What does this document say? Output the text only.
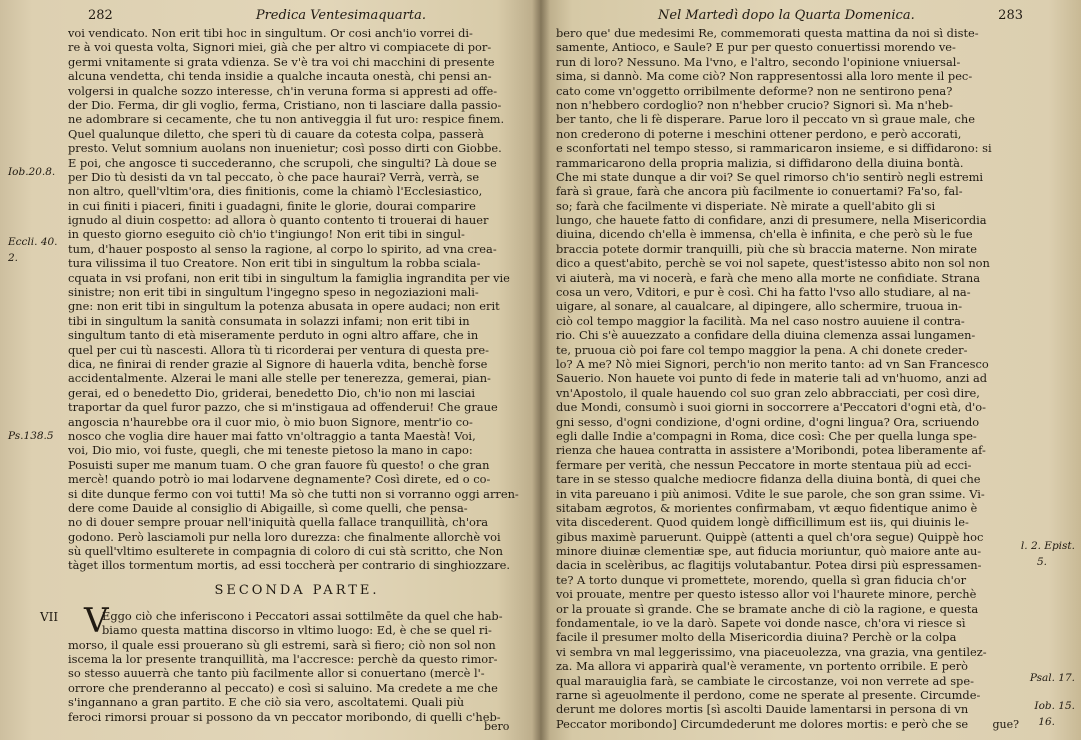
282	Predica Ventesimaquarta.
voi vendicato. Non erit tibi hoc in singultum. Or cosi anch'io vorrei di-
re à voi questa volta, Signori miei, già che per altro vi compiacete di por-
germi vnitamente si grata vdienza. Se v'è tra voi chi macchini di presente
alcuna vendetta, chi tenda insidie a qualche incauta onestà, chi pensi an-
volgersi in qualche sozzo interesse, ch'in veruna forma si appresti ad offe-
der Dio. Ferma, dir gli voglio, ferma, Cristiano, non ti lasciare dalla passio-
ne adombrare si cecamente, che tu non antiveggia il fut uro: respice finem.
Quel qualunque diletto, che speri tù di cauare da cotesta colpa, passerà
presto. Velut somnium auolans non inuenietur; così posso dirti con Giobbe.
E poi, che angosce ti succederanno, che scrupoli, che singulti? Là doue se
per Dio tù desisti da vn tal peccato, ò che pace haurai? Verrà, verrà, se
non altro, quell'vltim'ora, dies finitionis, come la chiamò l'Ecclesiastico,
in cui finiti i piaceri, finiti i guadagni, finite le glorie, dourai comparire
ignudo al diuin cospetto: ad allora ò quanto contento ti trouerai di hauer
in questo giorno eseguito ciò ch'io t'ingiungo! Non erit tibi in singul-
tum, d'hauer posposto al senso la ragione, al corpo lo spirito, ad vna crea-
tura vilissima il tuo Creatore. Non erit tibi in singultum la robba sciala-
cquata in vsi profani, non erit tibi in singultum la famiglia ingrandita per vie
sinistre; non erit tibi in singultum l'ingegno speso in negoziazioni mali-
gne: non erit tibi in singultum la potenza abusata in opere audaci; non erit
tibi in singultum la sanità consumata in solazzi infami; non erit tibi in
singultum tanto di età miseramente perduto in ogni altro affare, che in
quel per cui tù nascesti. Allora tù ti ricorderai per ventura di questa pre-
dica, ne finirai di render grazie al Signore di hauerla vdita, benchè forse
accidentalmente. Alzerai le mani alle stelle per tenerezza, gemerai, pian-
gerai, ed o benedetto Dio, griderai, benedetto Dio, ch'io non mi lasciai
traportar da quel furor pazzo, che si m'instigaua ad offenderui! Che graue
angoscia n'haurebbe ora il cuor mio, ò mio buon Signore, mentr'io co-
nosco che voglia dire hauer mai fatto vn'oltraggio a tanta Maestà! Voi,
voi, Dio mio, voi fuste, quegli, che mi teneste pietoso la mano in capo:
Posuisti super me manum tuam. O che gran fauore fù questo! o che gran
mercè! quando potrò io mai lodarvene degnamente? Così direte, ed o co-
si dite dunque fermo con voi tutti! Ma sò che tutti non si vorranno oggi arren-
dere come Dauide al consiglio di Abigaille, sì come quelli, che pensa-
no di douer sempre prouar nell'iniquità quella fallace tranquillità, ch'ora
godono. Però lasciamoli pur nella loro durezza: che finalmente allorchè voi
sù quell'vltimo esulterete in compagnia di coloro di cui stà scritto, che Non
tàget illos tormentum mortis, ad essi toccherà per contrario di singhiozzare.
SECONDA PARTE.
Eggo ciò che inferiscono i Peccatori assai sottilmēte da quel che hab-
biamo questa mattina discorso in vltimo luogo: Ed, è che se quel ri-
morso, il quale essi prouerano sù gli estremi, sarà sì fiero; ciò non sol non
iscema la lor presente tranquillità, ma l'accresce: perchè da questo rimor-
so stesso auuerrà che tanto più facilmente allor si conuertano (mercè l'-
orrore che prenderanno al peccato) e così si saluino. Ma credete a me che
s'ingannano a gran partito. E che ciò sia vero, ascoltatemi. Quali più
feroci rimorsi prouar si possono da vn peccator moribondo, di quelli c'heb-
Iob.20.8.
Eccli. 40.
2.
Ps.138.5
VII V
bero
Nel Martedì dopo la Quarta Domenica.	283
bero que' due medesimi Re, commemorati questa mattina da noi sì diste-
samente, Antioco, e Saule? E pur per questo conuertissi morendo ve-
run di loro? Nessuno. Ma l'vno, e l'altro, secondo l'opinione vniuersal-
sima, si dannò. Ma come ciò? Non rappresentossi alla loro mente il pec-
cato come vn'oggetto orribilmente deforme? non ne sentirono pena?
non n'hebbero cordoglio? non n'hebber crucio? Signori sì. Ma n'heb-
ber tanto, che li fè disperare. Parue loro il peccato vn sì graue male, che
non crederono di poterne i meschini ottener perdono, e però accorati,
e sconfortati nel tempo stesso, si rammaricaron insieme, e si diffidarono: si
rammaricarono della propria malizia, si diffidarono della diuina bontà.
Che mi state dunque a dir voi? Se quel rimorso ch'io sentirò negli estremi
farà sì graue, farà che ancora più facilmente io conuertami? Fa'so, fal-
so; farà che facilmente vi disperiate. Nè mirate a quell'abito gli si
lungo, che hauete fatto di confidare, anzi di presumere, nella Misericordia
diuina, dicendo ch'ella è immensa, ch'ella è infinita, e che però sù le fue
braccia potete dormir tranquilli, più che sù braccia materne. Non mirate
dico a quest'abito, perchè se voi nol sapete, quest'istesso abito non sol non
vi aiuterà, ma vi nocerà, e farà che meno alla morte ne confidiate. Strana
cosa un vero, Vditori, e pur è così. Chi ha fatto l'vso allo studiare, al na-
uigare, al sonare, al caualcare, al dipingere, allo schermire, truoua in-
ciò col tempo maggior la facilità. Ma nel caso nostro auuiene il contra-
rio. Chi s'è auuezzato a confidare della diuina clemenza assai lungamen-
te, pruoua ciò poi fare col tempo maggior la pena. A chi donete creder-
lo? A me? Nò miei Signori, perch'io non merito tanto: ad vn San Francesco
Sauerio. Non hauete voi punto di fede in materie tali ad vn'huomo, anzi ad
vn'Apostolo, il quale hauendo col suo gran zelo abbracciati, per così dire,
due Mondi, consumò i suoi giorni in soccorrere a'Peccatori d'ogni età, d'o-
gni sesso, d'ogni condizione, d'ogni ordine, d'ogni lingua? Ora, scriuendo
egli dalle Indie a'compagni in Roma, dice così: Che per quella lunga spe-
rienza che hauea contratta in assistere a'Moribondi, potea liberamente af-
fermare per verità, che nessun Peccatore in morte stentaua più ad ecci-
tare in se stesso qualche mediocre fidanza della diuina bontà, di quei che
in vita pareuano i più animosi. Vdite le sue parole, che son gran ssime. Vi-
sitabam ægrotos, & morientes confirmabam, vt æquo fidentique animo è
vita discederent. Quod quidem longè difficillimum est iis, qui diuinis le-
gibus maximè paruerunt. Quippè (attenti a quel ch'ora segue) Quippè hoc
minore diuinæ clementiæ spe, aut fiducia moriuntur, quò maiore ante au-
dacia in scelèribus, ac flagitijs volutabantur. Potea dirsi più espressamen-
te? A torto dunque vi promettete, morendo, quella sì gran fiducia ch'or
voi prouate, mentre per questo istesso allor voi l'haurete minore, perchè
or la prouate sì grande. Che se bramate anche di ciò la ragione, e questa
fondamentale, io ve la darò. Sapete voi donde nasce, ch'ora vi riesce sì
facile il presumer molto della Misericordia diuina? Perchè or la colpa
vi sembra vn mal leggerissimo, vna piaceuolezza, vna grazia, vna gentilez-
za. Ma allora vi apparirà qual'è veramente, vn portento orribile. E però
qual marauiglia farà, se cambiate le circostanze, voi non verrete ad spe-
rarne sì ageuolmente il perdono, come ne sperate al presente. Circumde-
derunt me dolores mortis [sì ascolti Dauide lamentarsi in persona di vn
Peccator moribondo] Circumdederunt me dolores mortis: e però che se
l. 2. Epist.
5.
Psal. 17.
Iob. 15.
16.
gue?
